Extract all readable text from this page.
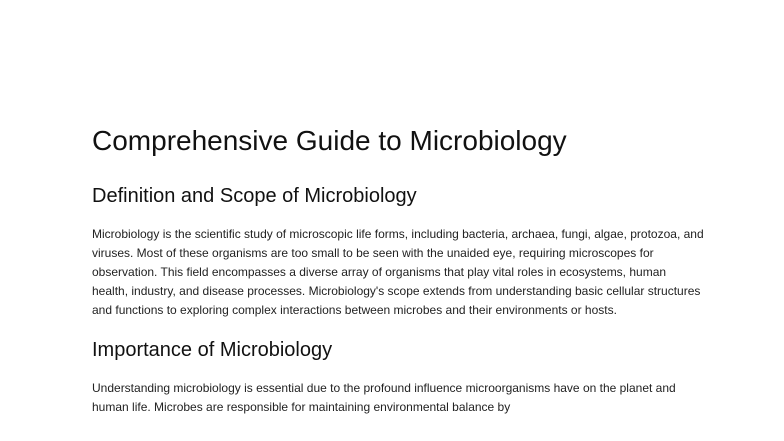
Comprehensive Guide to Microbiology
Definition and Scope of Microbiology

Microbiology is the scientific study of microscopic life forms, including bacteria, archaea, fungi, algae, protozoa, and viruses. Most of these organisms are too small to be seen with the unaided eye, requiring microscopes for observation. This field encompasses a diverse array of organisms that play vital roles in ecosystems, human health, industry, and disease processes. Microbiology's scope extends from understanding basic cellular structures and functions to exploring complex interactions between microbes and their environments or hosts.

Importance of Microbiology

Understanding microbiology is essential due to the profound influence microorganisms have on the planet and human life. Microbes are responsible for maintaining environmental balance by
